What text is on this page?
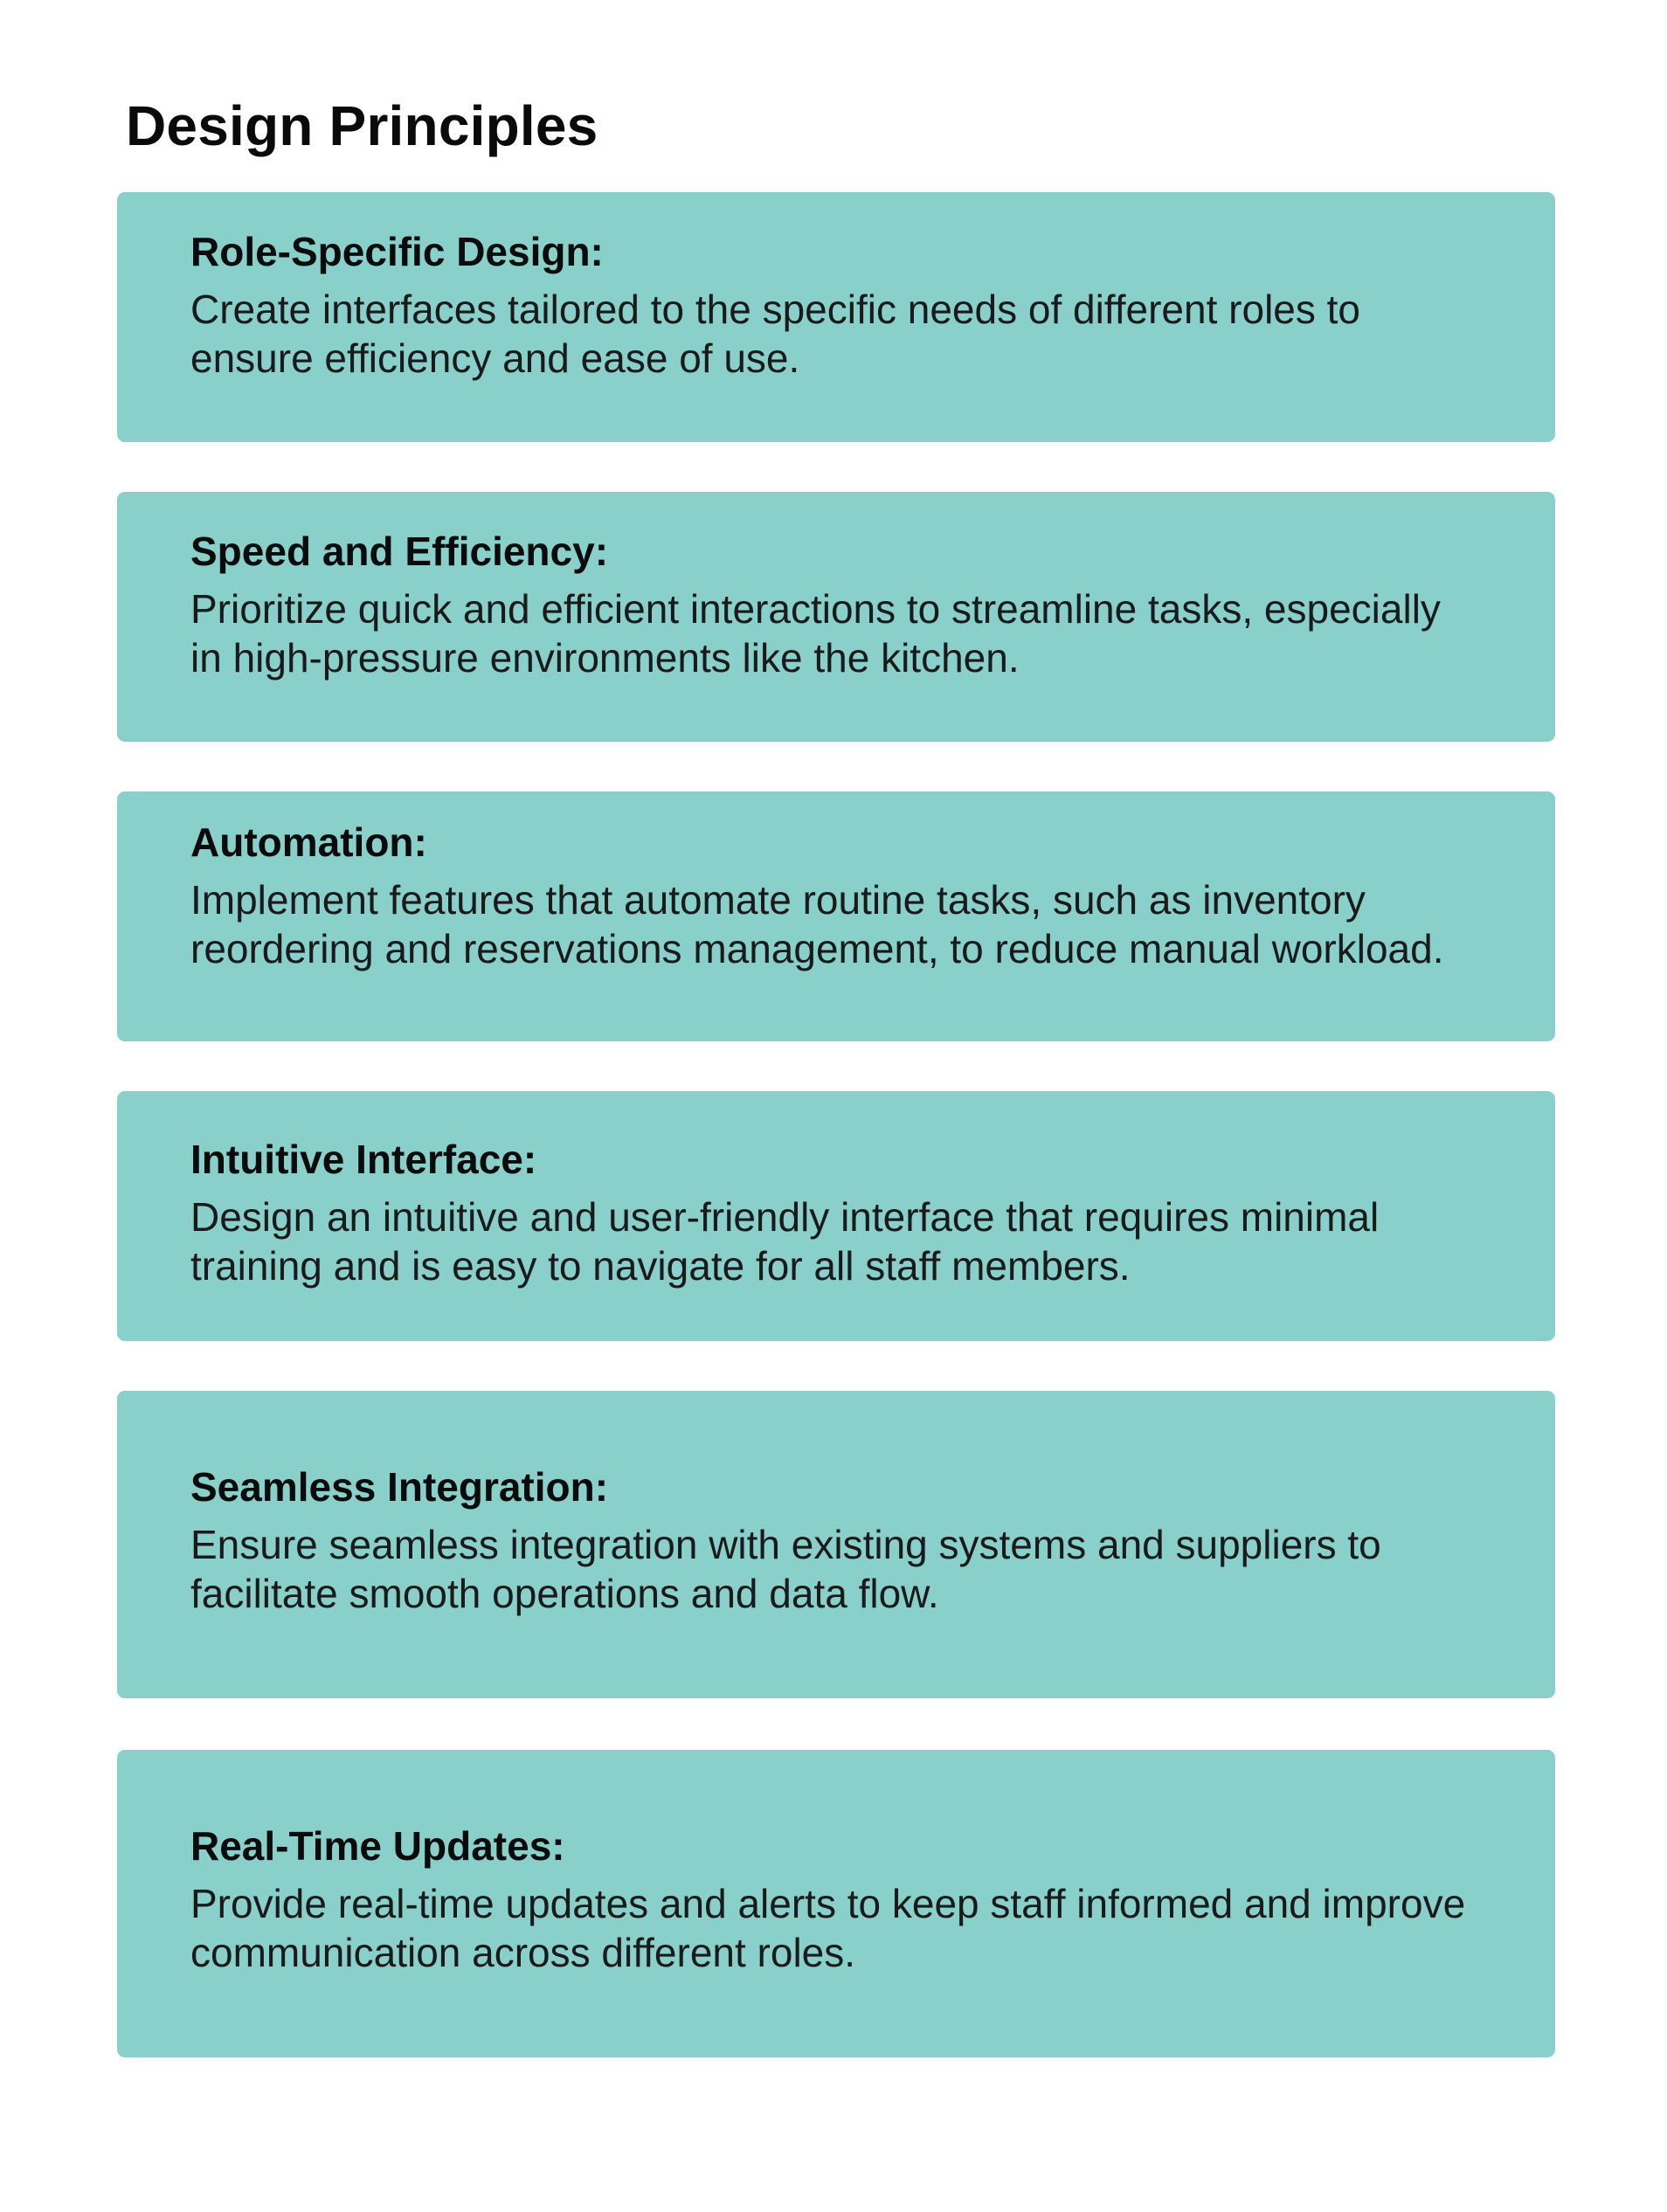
Design Principles
Role-Specific Design:

Create interfaces tailored to the specific needs of different roles to ensure efficiency and ease of use.

Speed and Efficiency:

Prioritize quick and efficient interactions to streamline tasks, especially in high-pressure environments like the kitchen.

Automation:

Implement features that automate routine tasks, such as inventory reordering and reservations management, to reduce manual workload.

Intuitive Interface:

Design an intuitive and user-friendly interface that requires minimal training and is easy to navigate for all staff members.

Seamless Integration:

Ensure seamless integration with existing systems and suppliers to facilitate smooth operations and data flow.

Real-Time Updates:

Provide real-time updates and alerts to keep staff informed and improve communication across different roles.
